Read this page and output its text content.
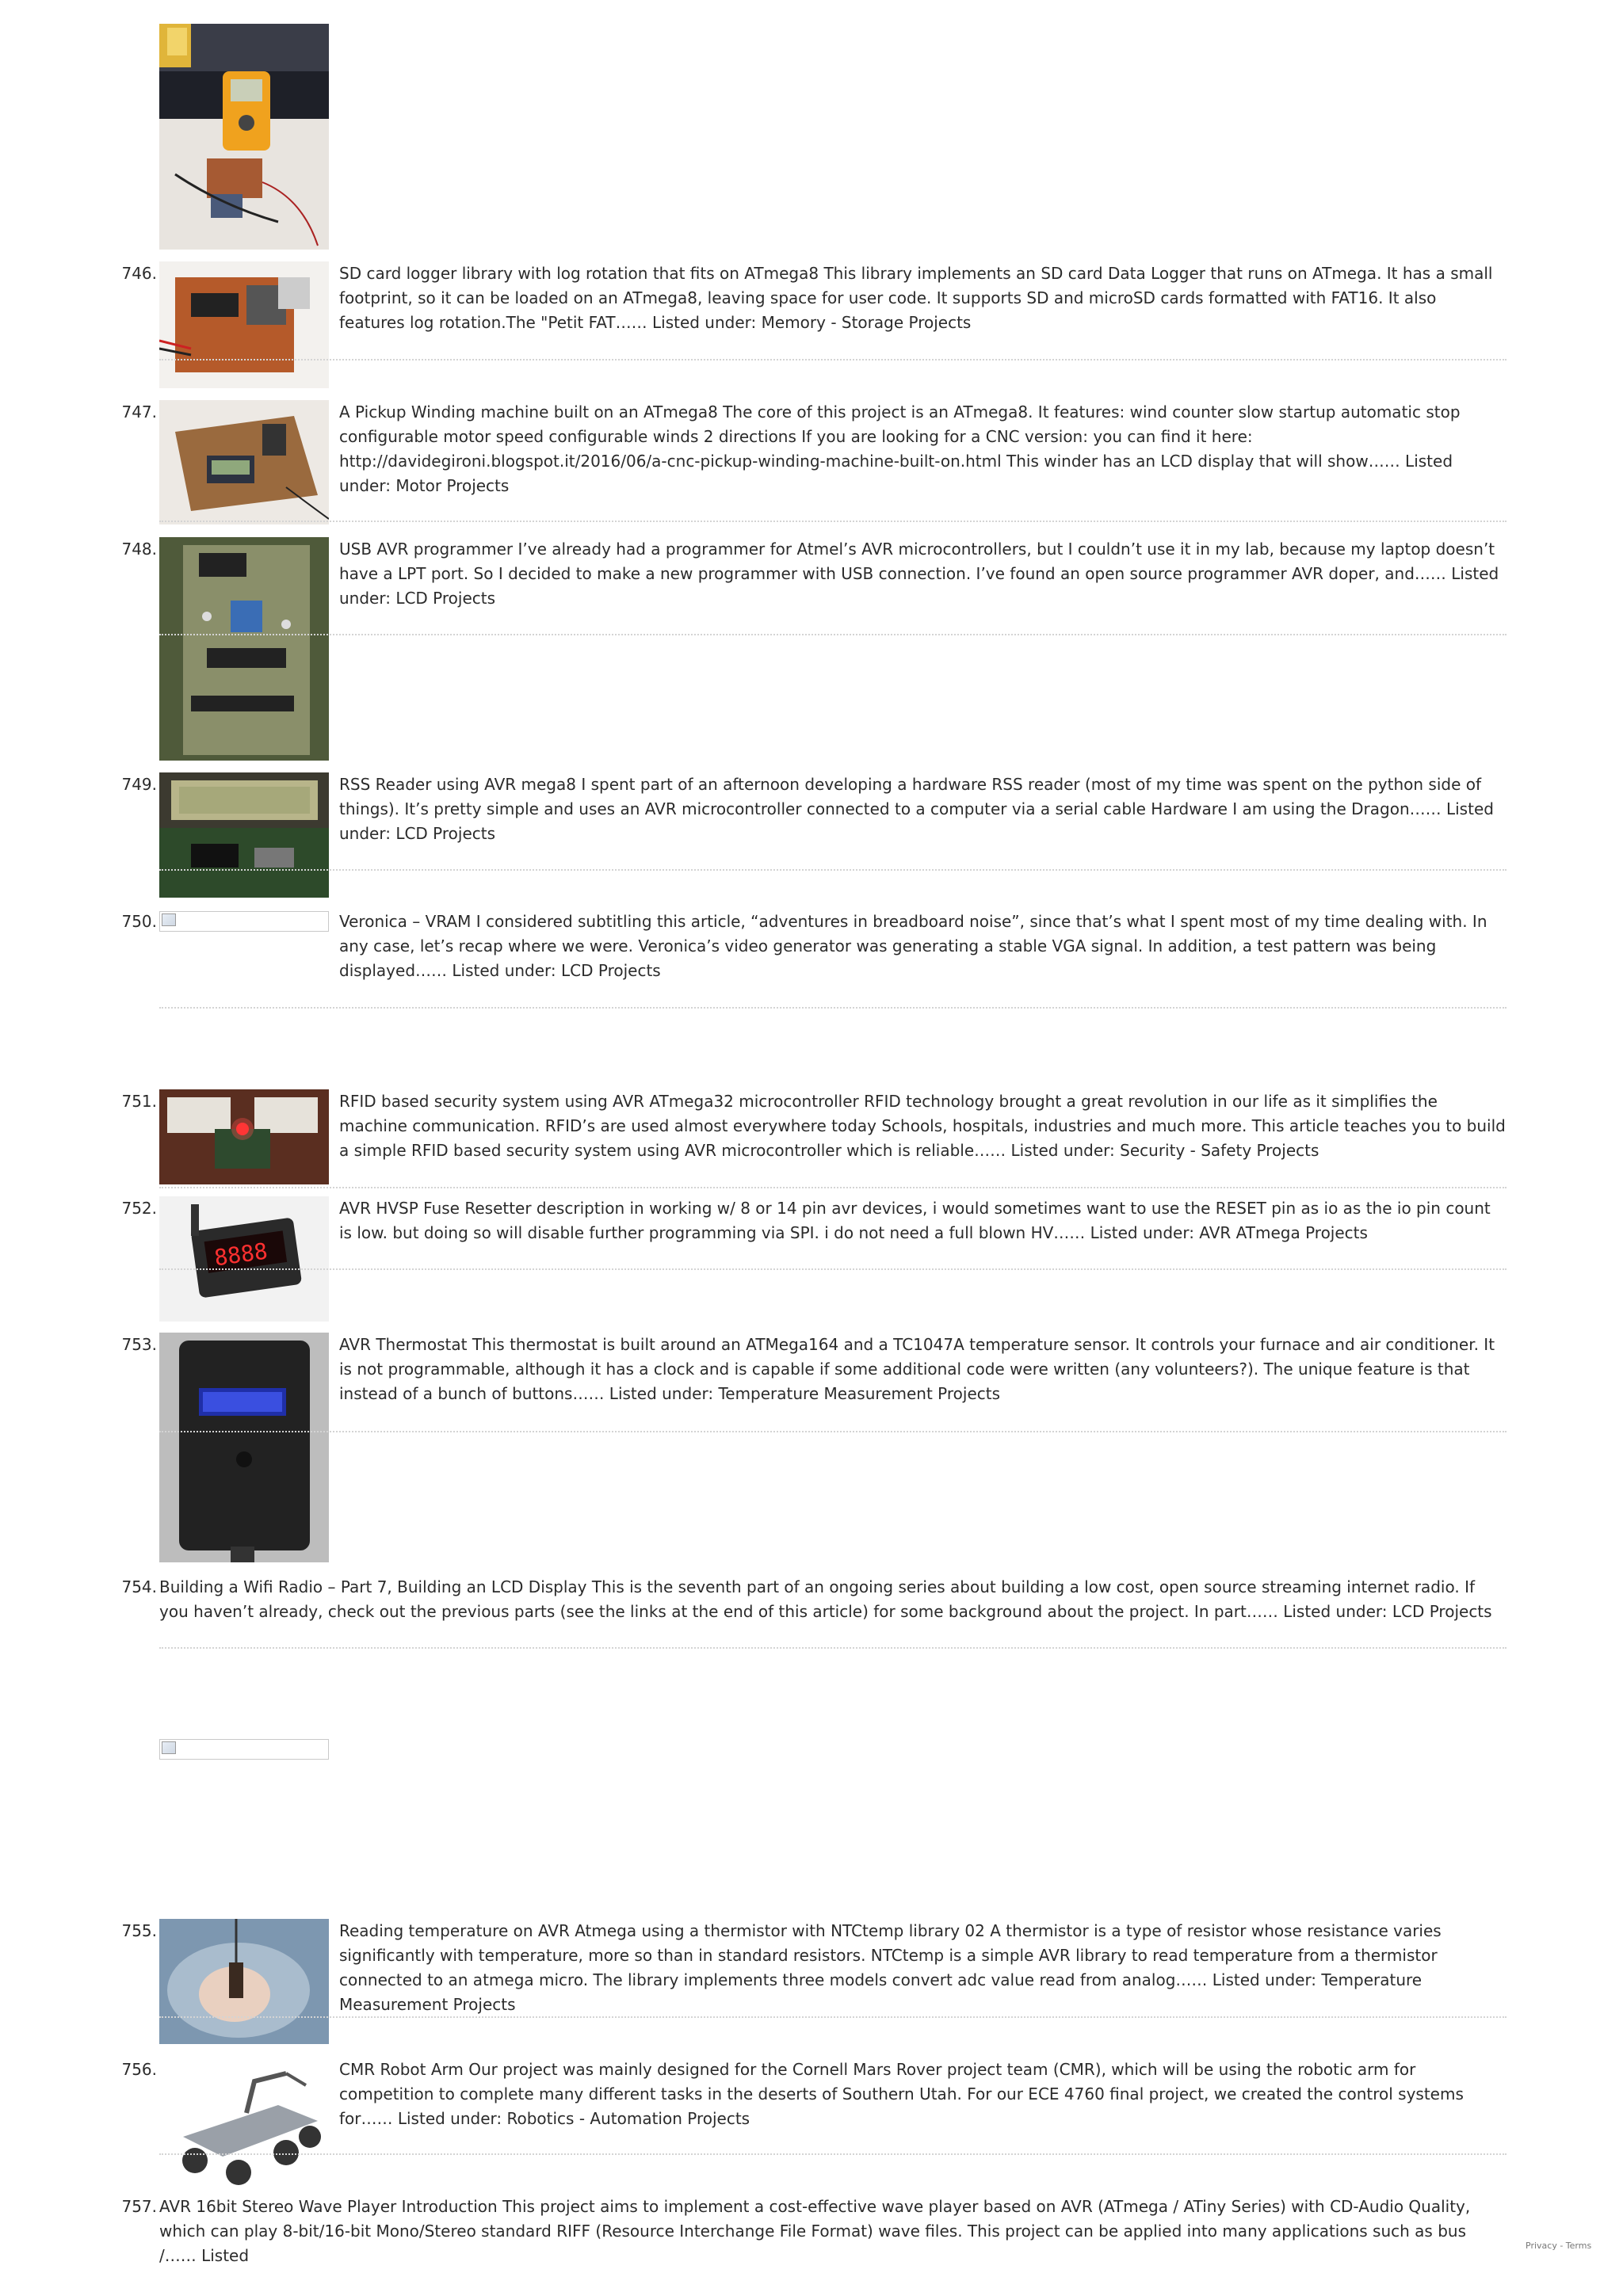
746.	SD card logger library with log rotation that fits on ATmega8 This library implements an SD card Data Logger that runs on ATmega. It has a small footprint, so it can be loaded on an ATmega8, leaving space for user code. It supports SD and microSD cards formatted with FAT16. It also features log rotation.The "Petit FAT…… Listed under: Memory - Storage Projects
747.	A Pickup Winding machine built on an ATmega8 The core of this project is an ATmega8. It features: wind counter slow startup automatic stop configurable motor speed configurable winds 2 directions If you are looking for a CNC version: you can find it here: http://davidegironi.blogspot.it/2016/06/a-cnc-pickup-winding-machine-built-on.html This winder has an LCD display that will show…… Listed under: Motor Projects
748.	USB AVR programmer I’ve already had a programmer for Atmel’s AVR microcontrollers, but I couldn’t use it in my lab, because my laptop doesn’t have a LPT port. So I decided to make a new programmer with USB connection. I’ve found an open source programmer AVR doper, and…… Listed under: LCD Projects
749.	RSS Reader using AVR mega8 I spent part of an afternoon developing a hardware RSS reader (most of my time was spent on the python side of things). It’s pretty simple and uses an AVR microcontroller connected to a computer via a serial cable Hardware I am using the Dragon…… Listed under: LCD Projects
750.	Veronica – VRAM I considered subtitling this article, “adventures in breadboard noise”, since that’s what I spent most of my time dealing with. In any case, let’s recap where we were. Veronica’s video generator was generating a stable VGA signal. In addition, a test pattern was being displayed…… Listed under: LCD Projects
751.	RFID based security system using AVR ATmega32 microcontroller RFID technology brought a great revolution in our life as it simplifies the machine communication. RFID’s are used almost everywhere today Schools, hospitals, industries and much more. This article teaches you to build a simple RFID based security system using AVR microcontroller which is reliable…… Listed under: Security - Safety Projects
752.
8888
AVR HVSP Fuse Resetter description in working w/ 8 or 14 pin avr devices, i would sometimes want to use the RESET pin as io as the io pin count is low. but doing so will disable further programming via SPI. i do not need a full blown HV…… Listed under: AVR ATmega Projects
753.	AVR Thermostat This thermostat is built around an ATMega164 and a TC1047A temperature sensor. It controls your furnace and air conditioner. It is not programmable, although it has a clock and is capable if some additional code were written (any volunteers?). The unique feature is that instead of a bunch of buttons…… Listed under: Temperature Measurement Projects
754. Building a Wifi Radio – Part 7, Building an LCD Display This is the seventh part of an ongoing series about building a low cost, open source streaming internet radio. If you haven’t already, check out the previous parts (see the links at the end of this article) for some background about the project. In part…… Listed under: LCD Projects
755.	Reading temperature on AVR Atmega using a thermistor with NTCtemp library 02 A thermistor is a type of resistor whose resistance varies significantly with temperature, more so than in standard resistors. NTCtemp is a simple AVR library to read temperature from a thermistor connected to an atmega micro. The library implements three models convert adc value read from analog…… Listed under: Temperature Measurement Projects
756.	CMR Robot Arm Our project was mainly designed for the Cornell Mars Rover project team (CMR), which will be using the robotic arm for competition to complete many different tasks in the deserts of Southern Utah. For our ECE 4760 final project, we created the control systems for…… Listed under: Robotics - Automation Projects
757. AVR 16bit Stereo Wave Player Introduction This project aims to implement a cost-effective wave player based on AVR (ATmega / ATiny Series) with CD-Audio Quality, which can play 8-bit/16-bit Mono/Stereo standard RIFF (Resource Interchange File Format) wave files. This project can be applied into many applications such as bus /…… Listed
Privacy - Terms
